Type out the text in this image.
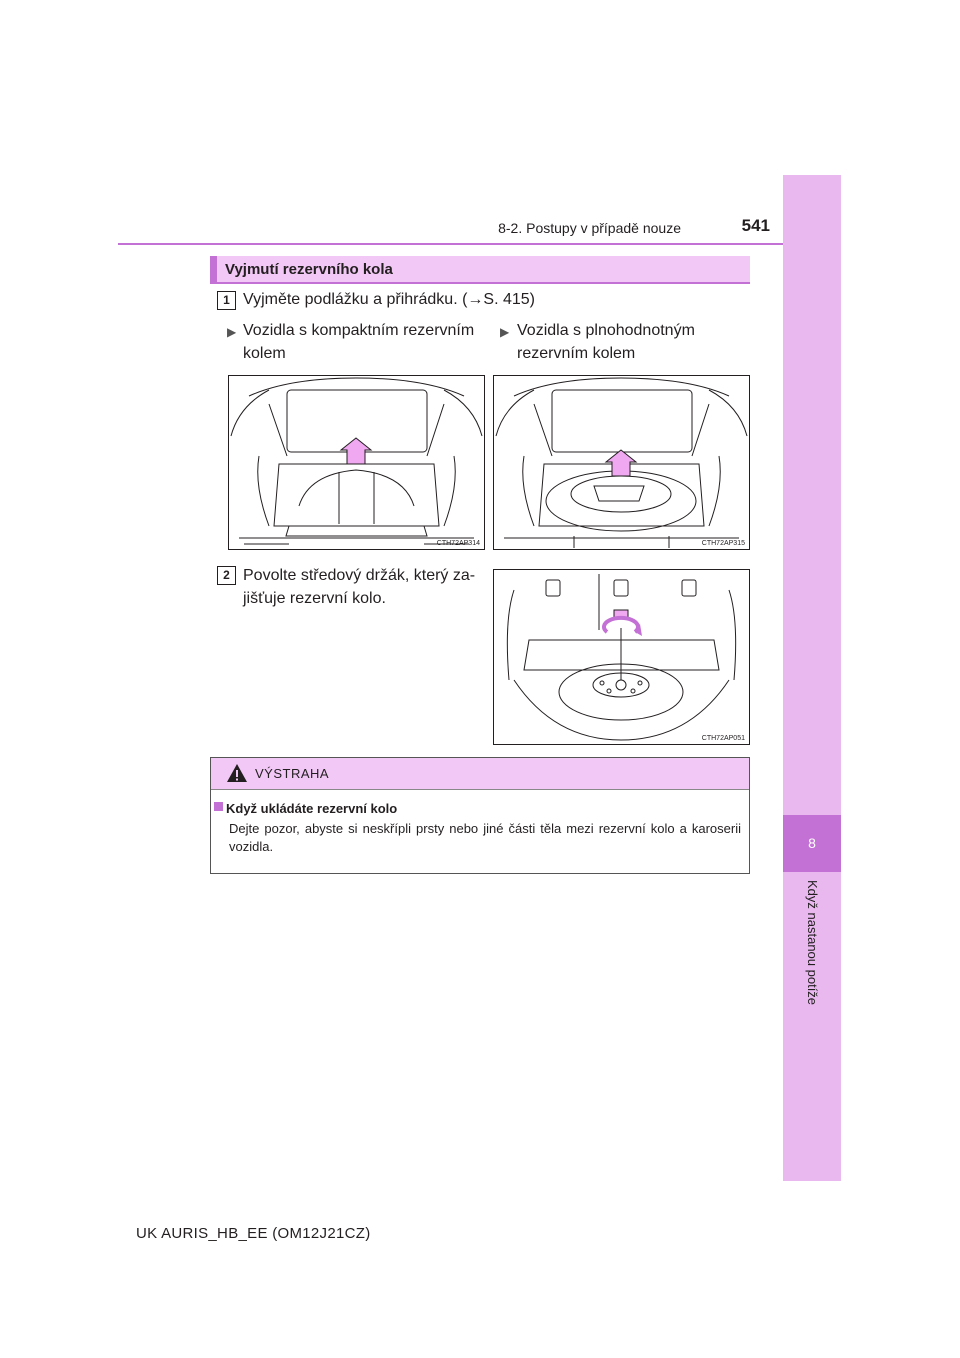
8-2. Postupy v případě nouze	541
8
Když nastanou potíže
Vyjmutí rezervního kola
1 Vyjměte podlážku a přihrádku. (→S. 415)
▶ Vozidla s kompaktním rezervním
kolem
▶ Vozidla s plnohodnotným
rezervním kolem
CTH72AP314	CTH72AP315
2 Povolte středový držák, který za-
jišťuje rezervní kolo.
CTH72AP051
VÝSTRAHA
Když ukládáte rezervní kolo
Dejte pozor, abyste si neskřípli prsty nebo jiné části těla mezi rezervní kolo a karoserii vozidla.
UK AURIS_HB_EE (OM12J21CZ)
